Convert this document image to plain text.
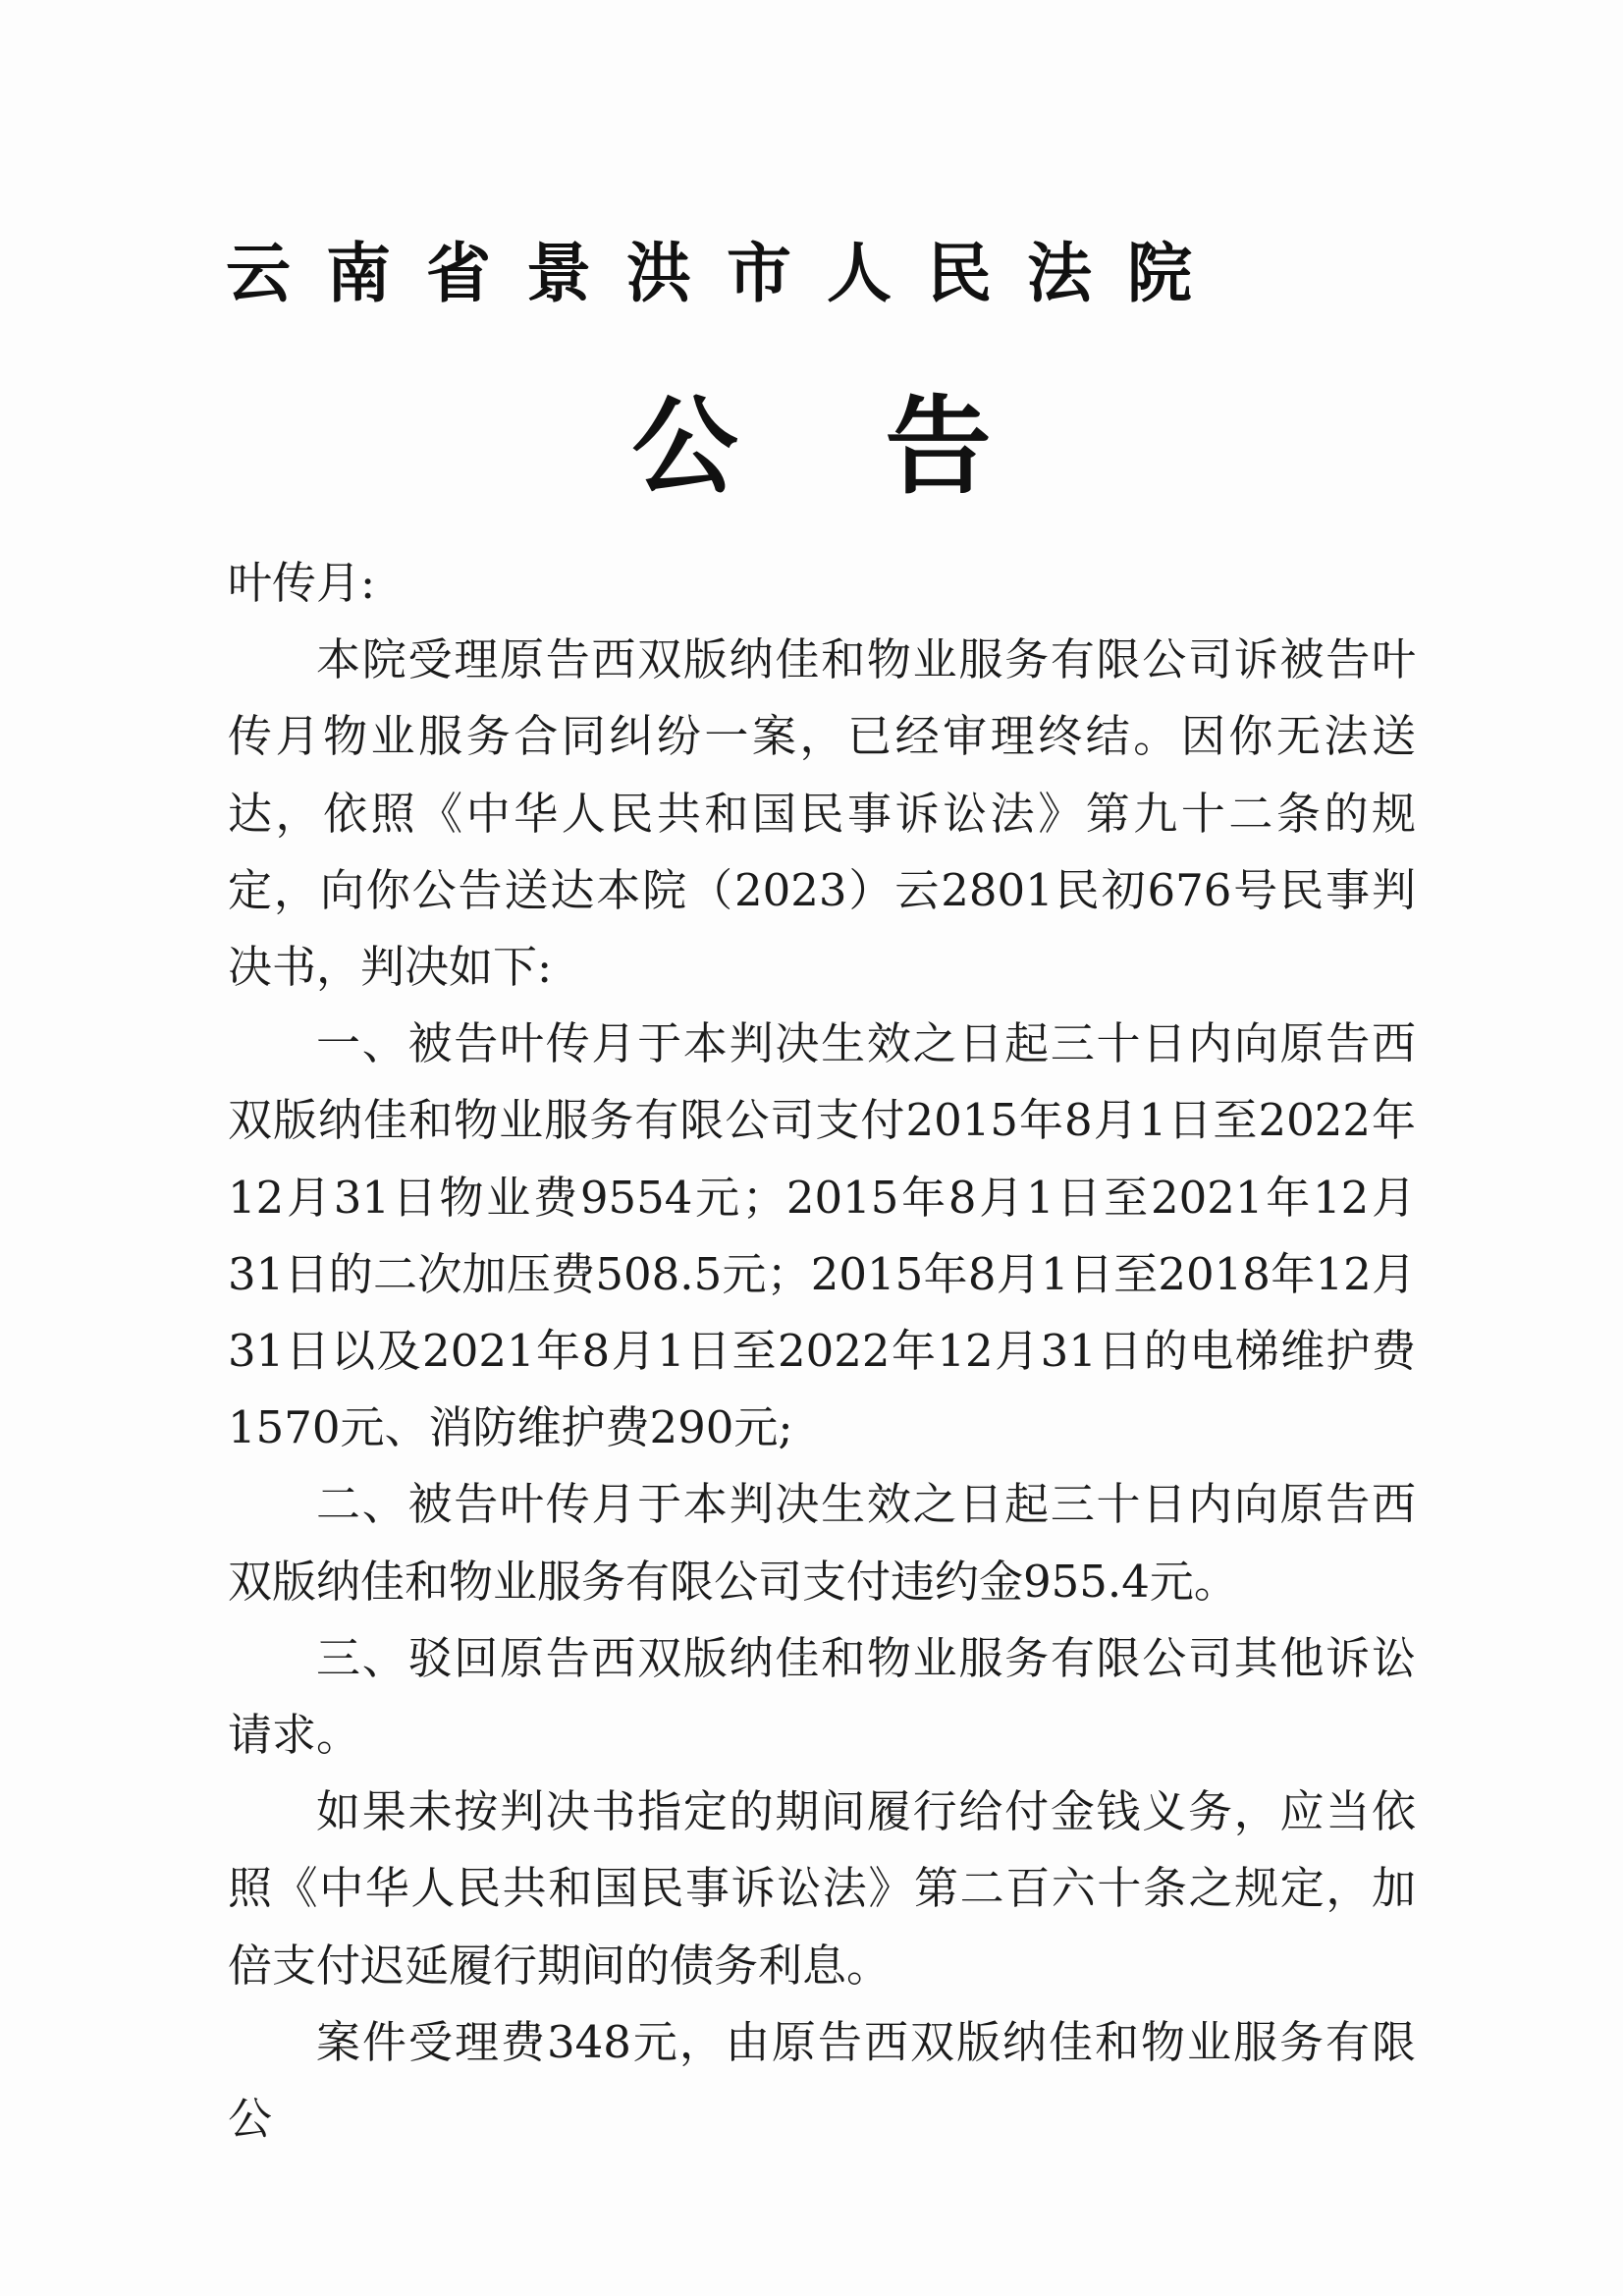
云南省景洪市人民法院
公告

叶传月:

本院受理原告西双版纳佳和物业服务有限公司诉被告叶传月物业服务合同纠纷一案，已经审理终结。因你无法送达，依照《中华人民共和国民事诉讼法》第九十二条的规定，向你公告送达本院（2023）云2801民初676号民事判决书，判决如下:

一、被告叶传月于本判决生效之日起三十日内向原告西双版纳佳和物业服务有限公司支付2015年8月1日至2022年12月31日物业费9554元；2015年8月1日至2021年12月31日的二次加压费508.5元；2015年8月1日至2018年12月31日以及2021年8月1日至2022年12月31日的电梯维护费1570元、消防维护费290元;

二、被告叶传月于本判决生效之日起三十日内向原告西双版纳佳和物业服务有限公司支付违约金955.4元。

三、驳回原告西双版纳佳和物业服务有限公司其他诉讼请求。

如果未按判决书指定的期间履行给付金钱义务，应当依照《中华人民共和国民事诉讼法》第二百六十条之规定，加倍支付迟延履行期间的债务利息。

案件受理费348元，由原告西双版纳佳和物业服务有限公
